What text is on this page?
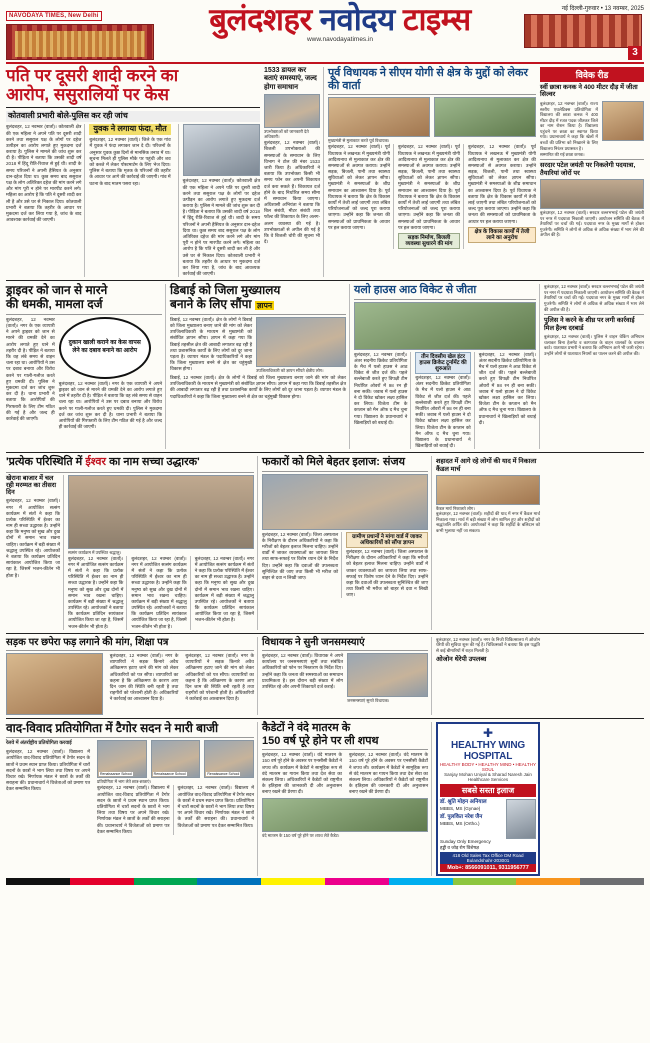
NAVODAYA TIMES, New Delhi	बुलंदशहर नवोदय टाइम्स
www.navodayatimes.in
नई दिल्ली-गुरुवार • 13 नवम्बर, 2025
3
पति पर दूसरी शादी करने का
आरोप, ससुरालियों पर केस
कोतवाली प्रभारी बोले-पुलिस कर रही जांच
बुलंदशहर, 12 नवम्बर (वार्ता)। कोतवाली क्षेत्र की एक महिला ने अपने पति पर दूसरी शादी करने तथा ससुराल पक्ष के लोगों पर दहेज उत्पीड़न का आरोप लगाते हुए मुकदमा दर्ज कराया है। पुलिस ने मामले की जांच शुरू कर दी है। पीड़िता ने बताया कि उसकी शादी वर्ष 2018 में हिंदू रीति-रिवाज से हुई थी। शादी के समय परिजनों ने अपनी हैसियत के अनुसार दान-दहेज दिया था। कुछ समय बाद ससुराल पक्ष के लोग अतिरिक्त दहेज की मांग करने लगे और मांग पूरी न होने पर मारपीट करने लगे। महिला का आरोप है कि पति ने दूसरी शादी कर ली है और उसे घर से निकाल दिया। कोतवाली प्रभारी ने बताया कि तहरीर के आधार पर मुकदमा दर्ज कर लिया गया है, जांच के बाद आवश्यक कार्रवाई की जाएगी।
युवक ने लगाया फंदा, मौत
बुलंदशहर, 12 नवम्बर (वार्ता)। जिले के एक गांव में युवक ने फंदा लगाकर जान दे दी। परिजनों के अनुसार युवक कुछ दिनों से मानसिक तनाव में था। सूचना मिलते ही पुलिस मौके पर पहुंची और शव को कब्जे में लेकर पोस्टमार्टम के लिए भेज दिया। पुलिस ने बताया कि मृतक के परिजनों की तहरीर के आधार पर आगे की कार्रवाई की जाएगी। गांव में घटना के बाद मातम पसरा रहा।	बुलंदशहर, 12 नवम्बर (वार्ता)। कोतवाली क्षेत्र की एक महिला ने अपने पति पर दूसरी शादी करने तथा ससुराल पक्ष के लोगों पर दहेज उत्पीड़न का आरोप लगाते हुए मुकदमा दर्ज कराया है। पुलिस ने मामले की जांच शुरू कर दी है। पीड़िता ने बताया कि उसकी शादी वर्ष 2018 में हिंदू रीति-रिवाज से हुई थी। शादी के समय परिजनों ने अपनी हैसियत के अनुसार दान-दहेज दिया था। कुछ समय बाद ससुराल पक्ष के लोग अतिरिक्त दहेज की मांग करने लगे और मांग पूरी न होने पर मारपीट करने लगे। महिला का आरोप है कि पति ने दूसरी शादी कर ली है और उसे घर से निकाल दिया। कोतवाली प्रभारी ने बताया कि तहरीर के आधार पर मुकदमा दर्ज कर लिया गया है, जांच के बाद आवश्यक कार्रवाई की जाएगी।
1533 डायल कर बताएं समस्याएं, जल्द होगा समाधान
उपभोक्ताओं को जानकारी देते अधिकारी।
बुलंदशहर, 12 नवम्बर (वार्ता)। बिजली उपभोक्ताओं की समस्याओं के समाधान के लिए विभाग ने टोल फ्री नंबर 1533 जारी किया है। अधिकारियों ने बताया कि उपभोक्ता किसी भी समय फोन कर अपनी शिकायत दर्ज करा सकते हैं। शिकायत दर्ज होने के बाद निर्धारित समय सीमा में समाधान किया जाएगा। अधिशासी अभियंता ने बताया कि बिल संबंधी, मीटर संबंधी तथा फॉल्ट की शिकायत के लिए अलग-अलग व्यवस्था की गई है। उपभोक्ताओं से अपील की गई है कि वे बिजली चोरी की सूचना भी दें।
पूर्व विधायक ने सीएम योगी से क्षेत्र के मुद्दों को लेकर की वार्ता
मुख्यमंत्री से मुलाकात करते पूर्व विधायक।
बुलंदशहर, 12 नवम्बर (वार्ता)। पूर्व विधायक ने लखनऊ में मुख्यमंत्री योगी आदित्यनाथ से मुलाकात कर क्षेत्र की समस्याओं से अवगत कराया। उन्होंने सड़क, बिजली, पानी तथा स्वास्थ्य सुविधाओं को लेकर ज्ञापन सौंपा। मुख्यमंत्री ने समस्याओं के शीघ्र समाधान का आश्वासन दिया है। पूर्व विधायक ने बताया कि क्षेत्र के विकास कार्यों में तेजी लाई जाएगी तथा लंबित परियोजनाओं को जल्द पूरा कराया जाएगा। उन्होंने कहा कि जनता की समस्याओं को प्राथमिकता के आधार पर हल कराया जाएगा।
बुलंदशहर, 12 नवम्बर (वार्ता)। पूर्व विधायक ने लखनऊ में मुख्यमंत्री योगी आदित्यनाथ से मुलाकात कर क्षेत्र की समस्याओं से अवगत कराया। उन्होंने सड़क, बिजली, पानी तथा स्वास्थ्य सुविधाओं को लेकर ज्ञापन सौंपा। मुख्यमंत्री ने समस्याओं के शीघ्र समाधान का आश्वासन दिया है। पूर्व विधायक ने बताया कि क्षेत्र के विकास कार्यों में तेजी लाई जाएगी तथा लंबित परियोजनाओं को जल्द पूरा कराया जाएगा। उन्होंने कहा कि जनता की समस्याओं को प्राथमिकता के आधार पर हल कराया जाएगा।
सड़क निर्माण, बिजली व्यवस्था सुधारने की मांग
बुलंदशहर, 12 नवम्बर (वार्ता)। पूर्व विधायक ने लखनऊ में मुख्यमंत्री योगी आदित्यनाथ से मुलाकात कर क्षेत्र की समस्याओं से अवगत कराया। उन्होंने सड़क, बिजली, पानी तथा स्वास्थ्य सुविधाओं को लेकर ज्ञापन सौंपा। मुख्यमंत्री ने समस्याओं के शीघ्र समाधान का आश्वासन दिया है। पूर्व विधायक ने बताया कि क्षेत्र के विकास कार्यों में तेजी लाई जाएगी तथा लंबित परियोजनाओं को जल्द पूरा कराया जाएगा। उन्होंने कहा कि जनता की समस्याओं को प्राथमिकता के आधार पर हल कराया जाएगा।
क्षेत्र के विकास कार्यों में तेजी लाने का अनुरोध
विवेक रीड
स्वीं छात्रा कनक ने 400 मीटर दौड़ में जीता सिल्वर
बुलंदशहर, 12 नवम्बर (वार्ता)। राज्य स्तरीय एथलेटिक्स प्रतियोगिता में विद्यालय की छात्रा कनक ने 400 मीटर दौड़ में रजत पदक जीतकर जिले का नाम रोशन किया है। विद्यालय पहुंचने पर छात्रा का स्वागत किया गया। प्रधानाचार्य ने कहा कि खेलों में बच्चों की प्रतिभा को निखारने के लिए विद्यालय निरंतर प्रयासरत है।
सम्मानित की गईं छात्रा कनक।
सरदार पटेल जयंती पर निकलेगी पदयात्रा, तैयारियां जोरों पर
बुलंदशहर, 12 नवम्बर (वार्ता)। सरदार वल्लभभाई पटेल की जयंती पर नगर में पदयात्रा निकाली जाएगी। आयोजन समिति की बैठक में तैयारियों पर चर्चा की गई। पदयात्रा नगर के मुख्य मार्गों से होकर गुजरेगी। समिति ने लोगों से अधिक से अधिक संख्या में भाग लेने की अपील की है।
ड्राइवर को जान से मारने
की धमकी, मामला दर्ज
बुलंदशहर, 12 नवम्बर (वार्ता)। नगर के एक व्यापारी ने अपने ड्राइवर को जान से मारने की धमकी देने का आरोप लगाते हुए थाने में तहरीर दी है। पीड़ित ने बताया कि वह लंबे समय से वाहन चला रहा था। आरोपियों ने उस पर दबाव बनाया और विरोध करने पर गाली-गलौज करते हुए धमकी दी। पुलिस ने मुकदमा दर्ज कर जांच शुरू कर दी है। थाना प्रभारी ने बताया कि आरोपियों की गिरफ्तारी के लिए टीम गठित की गई है और जल्द ही कार्रवाई की जाएगी।
दुकान खाली कराने का केस वापस लेने का दबाव बनाने का आरोप
बुलंदशहर, 12 नवम्बर (वार्ता)। नगर के एक व्यापारी ने अपने ड्राइवर को जान से मारने की धमकी देने का आरोप लगाते हुए थाने में तहरीर दी है। पीड़ित ने बताया कि वह लंबे समय से वाहन चला रहा था। आरोपियों ने उस पर दबाव बनाया और विरोध करने पर गाली-गलौज करते हुए धमकी दी। पुलिस ने मुकदमा दर्ज कर जांच शुरू कर दी है। थाना प्रभारी ने बताया कि आरोपियों की गिरफ्तारी के लिए टीम गठित की गई है और जल्द ही कार्रवाई की जाएगी।
डिबाई को जिला मुख्यालय
बनाने के लिए सौंपा ज्ञापन
डिबाई, 12 नवम्बर (वार्ता)। क्षेत्र के लोगों ने डिबाई को जिला मुख्यालय बनाए जाने की मांग को लेकर उपजिलाधिकारी के माध्यम से मुख्यमंत्री को संबोधित ज्ञापन सौंपा। ज्ञापन में कहा गया कि डिबाई तहसील क्षेत्र की आबादी लगातार बढ़ रही है तथा प्रशासनिक कार्यों के लिए लोगों को दूर जाना पड़ता है। व्यापार मंडल के पदाधिकारियों ने कहा कि जिला मुख्यालय बनने से क्षेत्र का चहुंमुखी विकास होगा।	उपजिलाधिकारी को ज्ञापन सौंपते क्षेत्रीय लोग।
डिबाई, 12 नवम्बर (वार्ता)। क्षेत्र के लोगों ने डिबाई को जिला मुख्यालय बनाए जाने की मांग को लेकर उपजिलाधिकारी के माध्यम से मुख्यमंत्री को संबोधित ज्ञापन सौंपा। ज्ञापन में कहा गया कि डिबाई तहसील क्षेत्र की आबादी लगातार बढ़ रही है तथा प्रशासनिक कार्यों के लिए लोगों को दूर जाना पड़ता है। व्यापार मंडल के पदाधिकारियों ने कहा कि जिला मुख्यालय बनने से क्षेत्र का चहुंमुखी विकास होगा।
यलो हाउस आठ विकेट से जीता
बुलंदशहर, 12 नवम्बर (वार्ता)। अंतर सदनीय क्रिकेट प्रतियोगिता के मैच में यलो हाउस ने आठ विकेट से जीत दर्ज की। पहले बल्लेबाजी करते हुए विपक्षी टीम निर्धारित ओवरों में 98 रन ही बना सकी। जवाब में यलो हाउस ने दो विकेट खोकर लक्ष्य हासिल कर लिया। विजेता टीम के कप्तान को मैन ऑफ द मैच चुना गया। विद्यालय के प्रधानाचार्य ने खिलाड़ियों को बधाई दी।
तीन दिवसीय खेल इंटर हाउस क्रिकेट टूर्नामेंट की शुरुआत
बुलंदशहर, 12 नवम्बर (वार्ता)। अंतर सदनीय क्रिकेट प्रतियोगिता के मैच में यलो हाउस ने आठ विकेट से जीत दर्ज की। पहले बल्लेबाजी करते हुए विपक्षी टीम निर्धारित ओवरों में 98 रन ही बना सकी। जवाब में यलो हाउस ने दो विकेट खोकर लक्ष्य हासिल कर लिया। विजेता टीम के कप्तान को मैन ऑफ द मैच चुना गया। विद्यालय के प्रधानाचार्य ने खिलाड़ियों को बधाई दी।
बुलंदशहर, 12 नवम्बर (वार्ता)। अंतर सदनीय क्रिकेट प्रतियोगिता के मैच में यलो हाउस ने आठ विकेट से जीत दर्ज की। पहले बल्लेबाजी करते हुए विपक्षी टीम निर्धारित ओवरों में 98 रन ही बना सकी। जवाब में यलो हाउस ने दो विकेट खोकर लक्ष्य हासिल कर लिया। विजेता टीम के कप्तान को मैन ऑफ द मैच चुना गया। विद्यालय के प्रधानाचार्य ने खिलाड़ियों को बधाई दी।
बुलंदशहर, 12 नवम्बर (वार्ता)। सरदार वल्लभभाई पटेल की जयंती पर नगर में पदयात्रा निकाली जाएगी। आयोजन समिति की बैठक में तैयारियों पर चर्चा की गई। पदयात्रा नगर के मुख्य मार्गों से होकर गुजरेगी। समिति ने लोगों से अधिक से अधिक संख्या में भाग लेने की अपील की है।
पुलिस ने करने के शीघ्र पर लगी कार्रवाई मिल हैल्थ दरबार्ड
बुलंदशहर, 12 नवम्बर (वार्ता)। पुलिस ने वाहन चेकिंग अभियान चलाकर बिना हेलमेट व कागजात के वाहन चालकों के चालान काटे। यातायात प्रभारी ने बताया कि अभियान आगे भी जारी रहेगा। उन्होंने लोगों से यातायात नियमों का पालन करने की अपील की।
'प्रत्येक परिस्थिति में ईश्वर का नाम सच्चा उद्धारक'
खेराना बाजार में चल रही मरम्मत का तीसरा दिन
बुलंदशहर, 12 नवम्बर (वार्ता)। नगर में आयोजित सत्संग कार्यक्रम में संतों ने कहा कि प्रत्येक परिस्थिति में ईश्वर का नाम ही सच्चा उद्धारक है। उन्होंने कहा कि मनुष्य को सुख और दुख दोनों में समान भाव रखना चाहिए। कार्यक्रम में बड़ी संख्या में श्रद्धालु उपस्थित रहे। आयोजकों ने बताया कि कार्यक्रम प्रतिदिन सायंकाल आयोजित किया जा रहा है, जिसमें भजन-कीर्तन भी होता है।
सत्संग कार्यक्रम में उपस्थित श्रद्धालु।
बुलंदशहर, 12 नवम्बर (वार्ता)। नगर में आयोजित सत्संग कार्यक्रम में संतों ने कहा कि प्रत्येक परिस्थिति में ईश्वर का नाम ही सच्चा उद्धारक है। उन्होंने कहा कि मनुष्य को सुख और दुख दोनों में समान भाव रखना चाहिए। कार्यक्रम में बड़ी संख्या में श्रद्धालु उपस्थित रहे। आयोजकों ने बताया कि कार्यक्रम प्रतिदिन सायंकाल आयोजित किया जा रहा है, जिसमें भजन-कीर्तन भी होता है।
बुलंदशहर, 12 नवम्बर (वार्ता)। नगर में आयोजित सत्संग कार्यक्रम में संतों ने कहा कि प्रत्येक परिस्थिति में ईश्वर का नाम ही सच्चा उद्धारक है। उन्होंने कहा कि मनुष्य को सुख और दुख दोनों में समान भाव रखना चाहिए। कार्यक्रम में बड़ी संख्या में श्रद्धालु उपस्थित रहे। आयोजकों ने बताया कि कार्यक्रम प्रतिदिन सायंकाल आयोजित किया जा रहा है, जिसमें भजन-कीर्तन भी होता है।
बुलंदशहर, 12 नवम्बर (वार्ता)। नगर में आयोजित सत्संग कार्यक्रम में संतों ने कहा कि प्रत्येक परिस्थिति में ईश्वर का नाम ही सच्चा उद्धारक है। उन्होंने कहा कि मनुष्य को सुख और दुख दोनों में समान भाव रखना चाहिए। कार्यक्रम में बड़ी संख्या में श्रद्धालु उपस्थित रहे। आयोजकों ने बताया कि कार्यक्रम प्रतिदिन सायंकाल आयोजित किया जा रहा है, जिसमें भजन-कीर्तन भी होता है।
फकारों को मिले बेहतर इलाज: संजय
बुलंदशहर, 12 नवम्बर (वार्ता)। जिला अस्पताल के निरीक्षण के दौरान अधिकारियों ने कहा कि मरीजों को बेहतर इलाज मिलना चाहिए। उन्होंने वार्डों में जाकर व्यवस्थाओं का जायजा लिया तथा साफ-सफाई पर विशेष ध्यान देने के निर्देश दिए। उन्होंने कहा कि दवाओं की उपलब्धता सुनिश्चित की जाए तथा किसी भी मरीज को बाहर से दवा न लिखी जाए।
ग्रामीण प्रधानों ने मांगा वार्ड में जाकर अधिकारियों को सौंपा ज्ञापन
बुलंदशहर, 12 नवम्बर (वार्ता)। जिला अस्पताल के निरीक्षण के दौरान अधिकारियों ने कहा कि मरीजों को बेहतर इलाज मिलना चाहिए। उन्होंने वार्डों में जाकर व्यवस्थाओं का जायजा लिया तथा साफ-सफाई पर विशेष ध्यान देने के निर्देश दिए। उन्होंने कहा कि दवाओं की उपलब्धता सुनिश्चित की जाए तथा किसी भी मरीज को बाहर से दवा न लिखी जाए।
शहादत में आगे रहे लोगों की याद में निकाला कैंडल मार्च
कैंडल मार्च निकालते लोग।
बुलंदशहर, 12 नवम्बर (वार्ता)। शहीदों की याद में नगर में कैंडल मार्च निकाला गया। मार्च में बड़ी संख्या में लोग शामिल हुए और शहीदों को श्रद्धांजलि अर्पित की। आयोजकों ने कहा कि शहीदों के बलिदान को कभी भुलाया नहीं जा सकता।
सड़क पर छपेरा फड़ लगाने की मांग, शिक्षा पत्र
बुलंदशहर, 12 नवम्बर (वार्ता)। नगर के व्यापारियों ने सड़क किनारे अवैध अतिक्रमण हटाए जाने की मांग को लेकर अधिकारियों को पत्र सौंपा। व्यापारियों का कहना है कि अतिक्रमण के कारण आए दिन जाम की स्थिति बनी रहती है तथा राहगीरों को परेशानी होती है। अधिकारियों ने कार्रवाई का आश्वासन दिया है।
बुलंदशहर, 12 नवम्बर (वार्ता)। नगर के व्यापारियों ने सड़क किनारे अवैध अतिक्रमण हटाए जाने की मांग को लेकर अधिकारियों को पत्र सौंपा। व्यापारियों का कहना है कि अतिक्रमण के कारण आए दिन जाम की स्थिति बनी रहती है तथा राहगीरों को परेशानी होती है। अधिकारियों ने कार्रवाई का आश्वासन दिया है।
विधायक ने सुनी जनसमस्याएं
बुलंदशहर, 12 नवम्बर (वार्ता)। विधायक ने अपने कार्यालय पर जनसमस्याएं सुनीं तथा संबंधित अधिकारियों को फोन पर निस्तारण के निर्देश दिए। उन्होंने कहा कि जनता की समस्याओं का समाधान प्राथमिकता है। इस दौरान बड़ी संख्या में लोग उपस्थित रहे और अपनी शिकायतें दर्ज कराईं।
जनसमस्याएं सुनते विधायक।
बुलंदशहर, 12 नवम्बर (वार्ता)। नगर के निजी चिकित्सालय में ओजोन थेरेपी की सुविधा शुरू की गई है। चिकित्सकों ने बताया कि इस पद्धति से कई बीमारियों में राहत मिलती है।
ओजोन थेरेपी उपलब्ध
वाद-विवाद प्रतियोगिता में टैगोर सदन ने मारी बाजी
रेलवे में अंतर्राष्ट्रीय प्रतियोगिता करवाई
बुलंदशहर, 12 नवम्बर (वार्ता)। विद्यालय में आयोजित वाद-विवाद प्रतियोगिता में टैगोर सदन के छात्रों ने प्रथम स्थान प्राप्त किया। प्रतियोगिता में चारों सदनों के छात्रों ने भाग लिया तथा विषय पर अपने विचार रखे। निर्णायक मंडल ने छात्रों के तर्कों की सराहना की। प्रधानाचार्य ने विजेताओं को प्रमाण पत्र देकर सम्मानित किया।
Renaissance School	Renaissance School	Renaissance School
प्रतियोगिता में भाग लेते छात्र-छात्राएं।
बुलंदशहर, 12 नवम्बर (वार्ता)। विद्यालय में आयोजित वाद-विवाद प्रतियोगिता में टैगोर सदन के छात्रों ने प्रथम स्थान प्राप्त किया। प्रतियोगिता में चारों सदनों के छात्रों ने भाग लिया तथा विषय पर अपने विचार रखे। निर्णायक मंडल ने छात्रों के तर्कों की सराहना की। प्रधानाचार्य ने विजेताओं को प्रमाण पत्र देकर सम्मानित किया।
बुलंदशहर, 12 नवम्बर (वार्ता)। विद्यालय में आयोजित वाद-विवाद प्रतियोगिता में टैगोर सदन के छात्रों ने प्रथम स्थान प्राप्त किया। प्रतियोगिता में चारों सदनों के छात्रों ने भाग लिया तथा विषय पर अपने विचार रखे। निर्णायक मंडल ने छात्रों के तर्कों की सराहना की। प्रधानाचार्य ने विजेताओं को प्रमाण पत्र देकर सम्मानित किया।
कैडेटों ने वंदे मातरम के
150 वर्ष पूरे होने पर ली शपथ
बुलंदशहर, 12 नवम्बर (वार्ता)। वंदे मातरम के 150 वर्ष पूरे होने के अवसर पर एनसीसी कैडेटों ने शपथ ली। कार्यक्रम में कैडेटों ने सामूहिक रूप से वंदे मातरम का गायन किया तथा देश सेवा का संकल्प लिया। अधिकारियों ने कैडेटों को राष्ट्रगीत के इतिहास की जानकारी दी और अनुशासन बनाए रखने की प्रेरणा दी।
बुलंदशहर, 12 नवम्बर (वार्ता)। वंदे मातरम के 150 वर्ष पूरे होने के अवसर पर एनसीसी कैडेटों ने शपथ ली। कार्यक्रम में कैडेटों ने सामूहिक रूप से वंदे मातरम का गायन किया तथा देश सेवा का संकल्प लिया। अधिकारियों ने कैडेटों को राष्ट्रगीत के इतिहास की जानकारी दी और अनुशासन बनाए रखने की प्रेरणा दी।
वंदे मातरम के 150 वर्ष पूरे होने पर शपथ लेते कैडेट।
✚
HEALTHY WING HOSPITAL
HEALTHY BODY • HEALTHY MIND • HEALTHY SOUL
Sanjay Mohan Uniyal & Sharad Naresh Jain Healthcare Services
सबसे सस्ता इलाज
डॉ. श्रुति मोहन अनियाल
MBBS, MS (Gynae)
डॉ. पुलकित नरेश जैन
MBBS, MS (Ortho.)
Sunday Only Emergency
हड्डी व जोड़ रोग विशेषज्ञ
418 Old Sales Tax Office DM Road Bulandshahr-203001
Mob+: 8566091011, 9311956777
